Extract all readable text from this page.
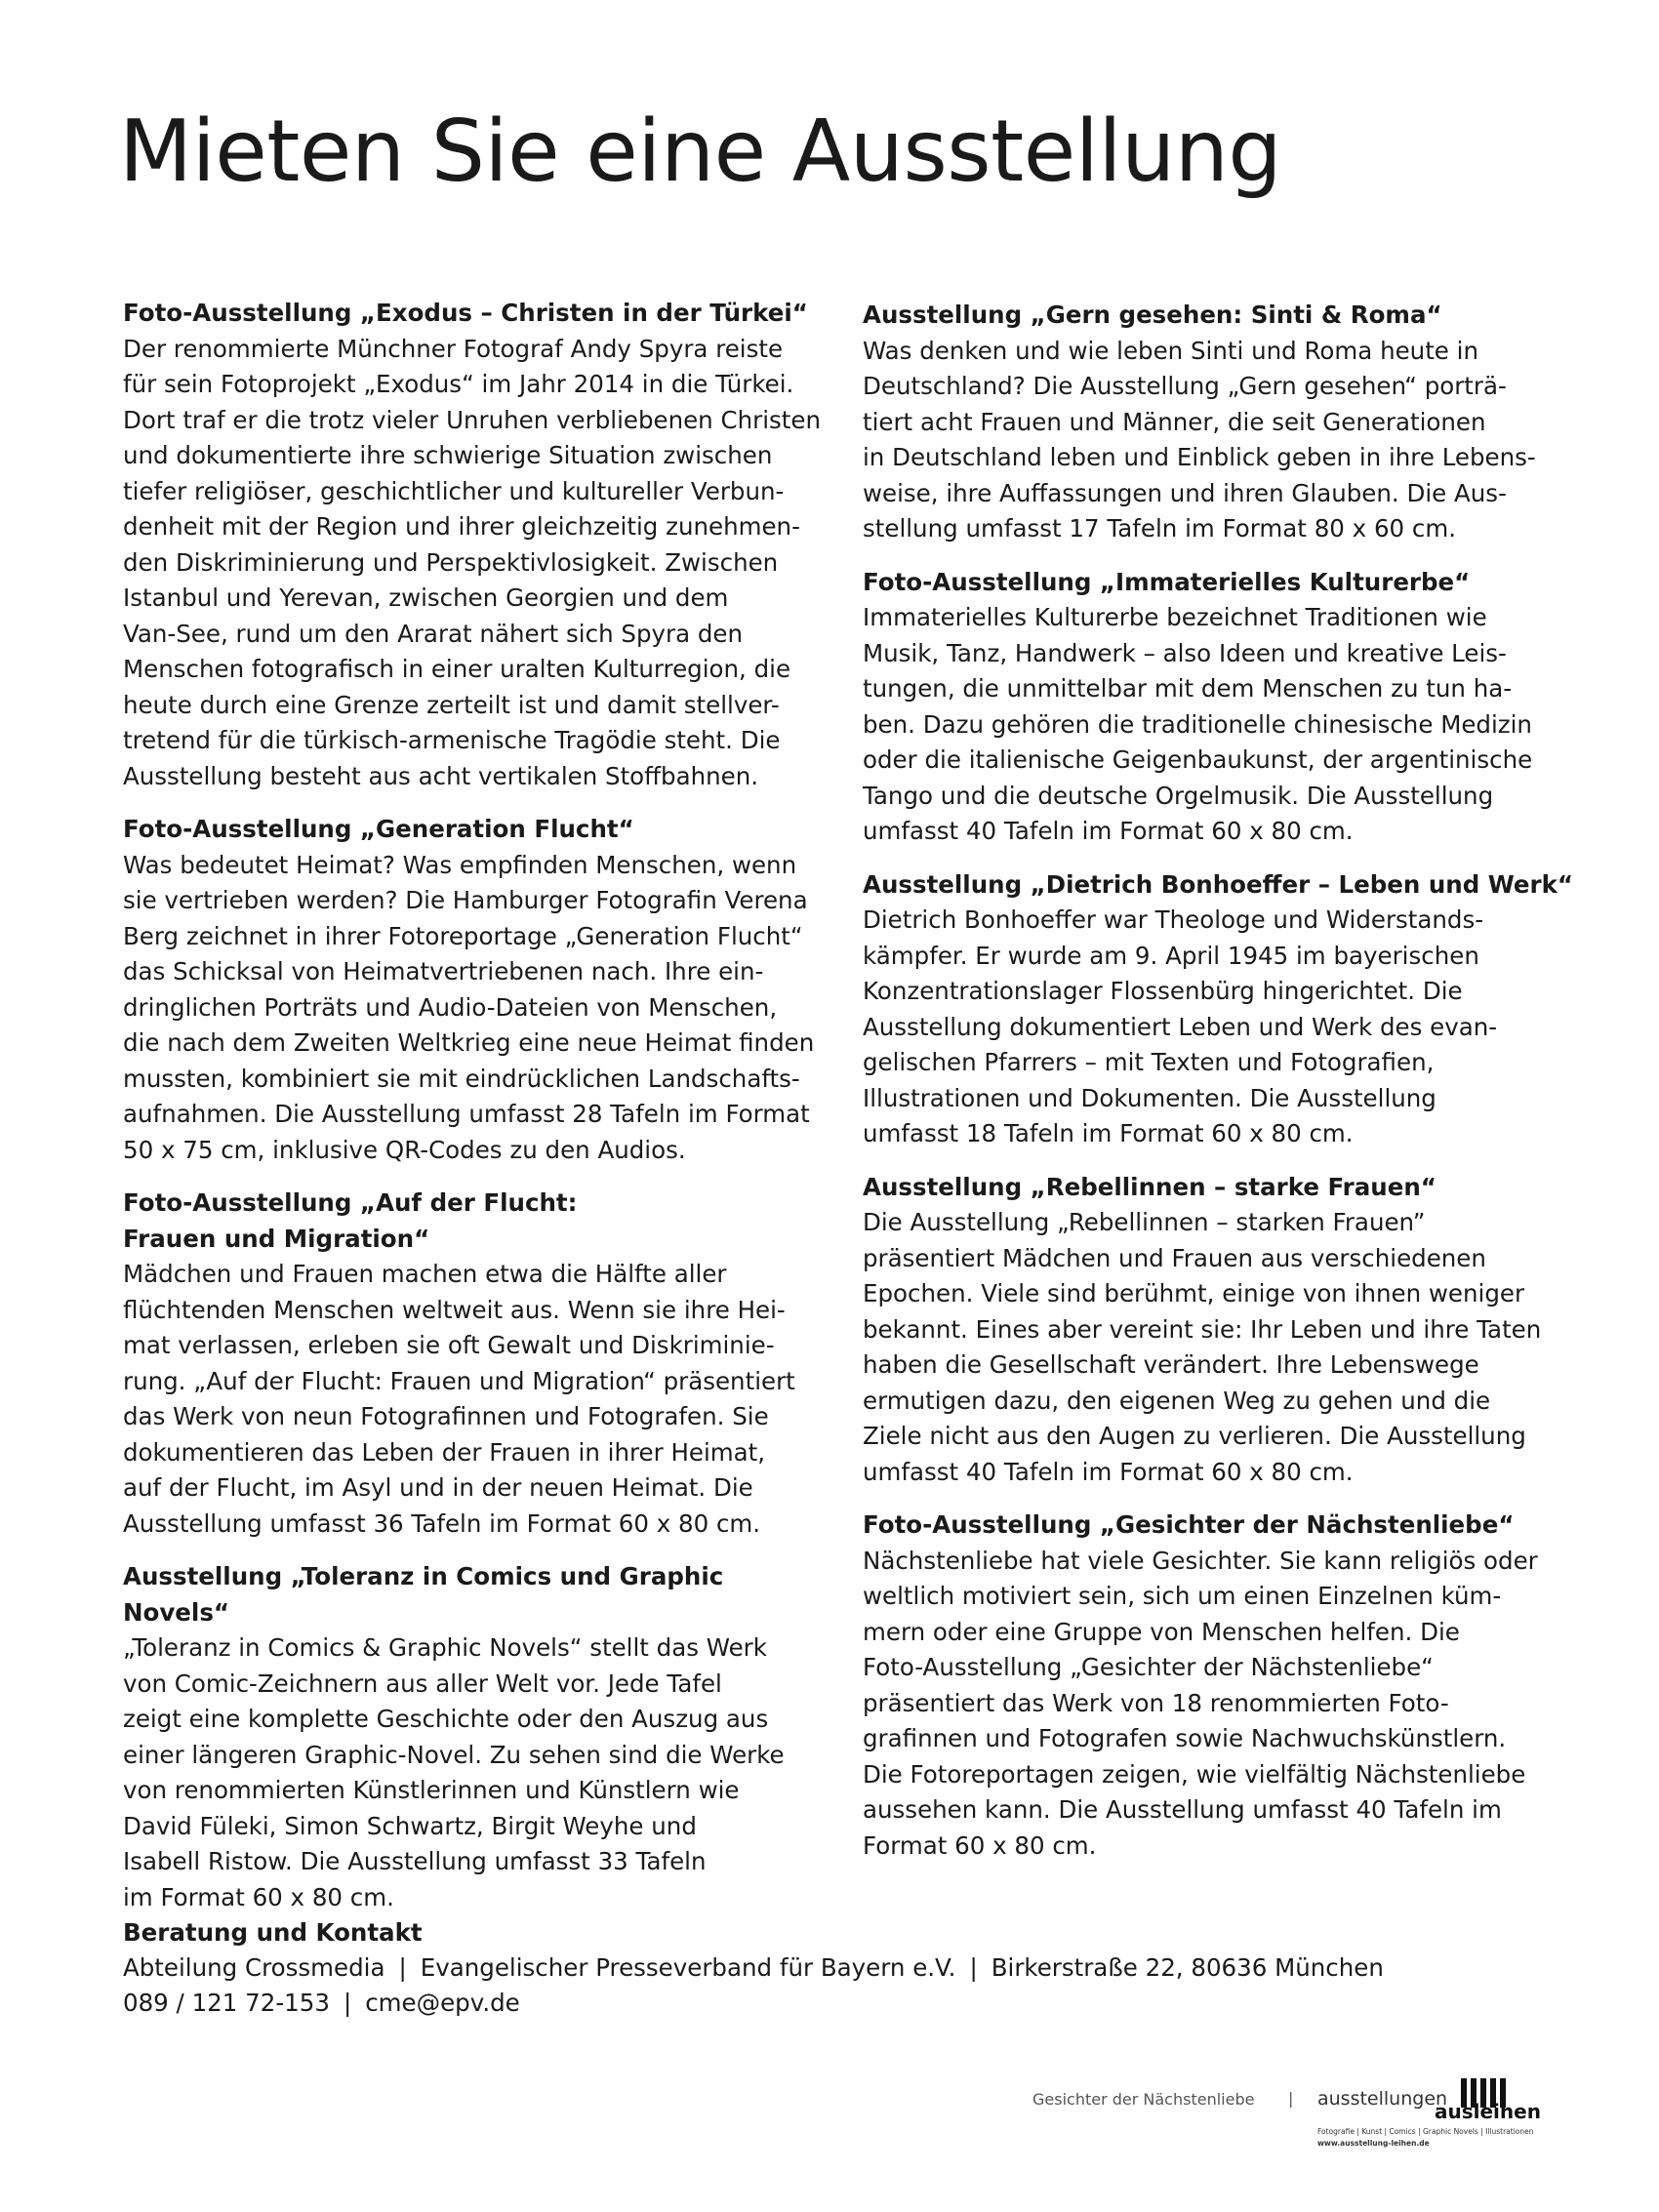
Mieten Sie eine Ausstellung
Foto-Ausstellung „Exodus – Christen in der Türkei“

Der renommierte Münchner Fotograf Andy Spyra reiste
für sein Fotoprojekt „Exodus“ im Jahr 2014 in die Türkei.
Dort traf er die trotz vieler Unruhen verbliebenen Christen
und dokumentierte ihre schwierige Situation zwischen
tiefer religiöser, geschichtlicher und kultureller Verbun-
denheit mit der Region und ihrer gleichzeitig zunehmen-
den Diskriminierung und Perspektivlosigkeit. Zwischen
Istanbul und Yerevan, zwischen Georgien und dem
Van-See, rund um den Ararat nähert sich Spyra den
Menschen fotografisch in einer uralten Kulturregion, die
heute durch eine Grenze zerteilt ist und damit stellver-
tretend für die türkisch-armenische Tragödie steht. Die
Ausstellung besteht aus acht vertikalen Stoffbahnen.

Foto-Ausstellung „Generation Flucht“

Was bedeutet Heimat? Was empfinden Menschen, wenn
sie vertrieben werden? Die Hamburger Fotografin Verena
Berg zeichnet in ihrer Fotoreportage „Generation Flucht“
das Schicksal von Heimatvertriebenen nach. Ihre ein-
dringlichen Porträts und Audio-Dateien von Menschen,
die nach dem Zweiten Weltkrieg eine neue Heimat finden
mussten, kombiniert sie mit eindrücklichen Landschafts-
aufnahmen. Die Ausstellung umfasst 28 Tafeln im Format
50 x 75 cm, inklusive QR-Codes zu den Audios.

Foto-Ausstellung „Auf der Flucht:
Frauen und Migration“

Mädchen und Frauen machen etwa die Hälfte aller
flüchtenden Menschen weltweit aus. Wenn sie ihre Hei-
mat verlassen, erleben sie oft Gewalt und Diskriminie-
rung. „Auf der Flucht: Frauen und Migration“ präsentiert
das Werk von neun Fotografinnen und Fotografen. Sie
dokumentieren das Leben der Frauen in ihrer Heimat,
auf der Flucht, im Asyl und in der neuen Heimat. Die
Ausstellung umfasst 36 Tafeln im Format 60 x 80 cm.

Ausstellung „Toleranz in Comics und Graphic Novels“

„Toleranz in Comics & Graphic Novels“ stellt das Werk
von Comic-Zeichnern aus aller Welt vor. Jede Tafel
zeigt eine komplette Geschichte oder den Auszug aus
einer längeren Graphic-Novel. Zu sehen sind die Werke
von renommierten Künstlerinnen und Künstlern wie
David Füleki, Simon Schwartz, Birgit Weyhe und
Isabell Ristow. Die Ausstellung umfasst 33 Tafeln
im Format 60 x 80 cm.

Ausstellung „Gern gesehen: Sinti & Roma“

Was denken und wie leben Sinti und Roma heute in
Deutschland? Die Ausstellung „Gern gesehen“ porträ-
tiert acht Frauen und Männer, die seit Generationen
in Deutschland leben und Einblick geben in ihre Lebens-
weise, ihre Auffassungen und ihren Glauben. Die Aus-
stellung umfasst 17 Tafeln im Format 80 x 60 cm.

Foto-Ausstellung „Immaterielles Kulturerbe“

Immaterielles Kulturerbe bezeichnet Traditionen wie
Musik, Tanz, Handwerk – also Ideen und kreative Leis-
tungen, die unmittelbar mit dem Menschen zu tun ha-
ben. Dazu gehören die traditionelle chinesische Medizin
oder die italienische Geigenbaukunst, der argentinische
Tango und die deutsche Orgelmusik. Die Ausstellung
umfasst 40 Tafeln im Format 60 x 80 cm.

Ausstellung „Dietrich Bonhoeffer – Leben und Werk“

Dietrich Bonhoeffer war Theologe und Widerstands-
kämpfer. Er wurde am 9. April 1945 im bayerischen
Konzentrationslager Flossenbürg hingerichtet. Die
Ausstellung dokumentiert Leben und Werk des evan-
gelischen Pfarrers – mit Texten und Fotografien,
Illustrationen und Dokumenten. Die Ausstellung
umfasst 18 Tafeln im Format 60 x 80 cm.

Ausstellung „Rebellinnen – starke Frauen“

Die Ausstellung „Rebellinnen – starken Frauen”
präsentiert Mädchen und Frauen aus verschiedenen
Epochen. Viele sind berühmt, einige von ihnen weniger
bekannt. Eines aber vereint sie: Ihr Leben und ihre Taten
haben die Gesellschaft verändert. Ihre Lebenswege
ermutigen dazu, den eigenen Weg zu gehen und die
Ziele nicht aus den Augen zu verlieren. Die Ausstellung
umfasst 40 Tafeln im Format 60 x 80 cm.

Foto-Ausstellung „Gesichter der Nächstenliebe“

Nächstenliebe hat viele Gesichter. Sie kann religiös oder
weltlich motiviert sein, sich um einen Einzelnen küm-
mern oder eine Gruppe von Menschen helfen. Die
Foto-Ausstellung „Gesichter der Nächstenliebe“
präsentiert das Werk von 18 renommierten Foto-
grafinnen und Fotografen sowie Nachwuchskünstlern.
Die Fotoreportagen zeigen, wie vielfältig Nächstenliebe
aussehen kann. Die Ausstellung umfasst 40 Tafeln im
Format 60 x 80 cm.

Beratung und Kontakt

Abteilung Crossmedia | Evangelischer Presseverband für Bayern e.V. | Birkerstraße 22, 80636 München

089 / 121 72-153 | cme@epv.de

Gesichter der Nächstenliebe | ausstellungen
ausleihen
Fotografie | Kunst | Comics | Graphic Novels | Illustrationen
www.ausstellung-leihen.de
